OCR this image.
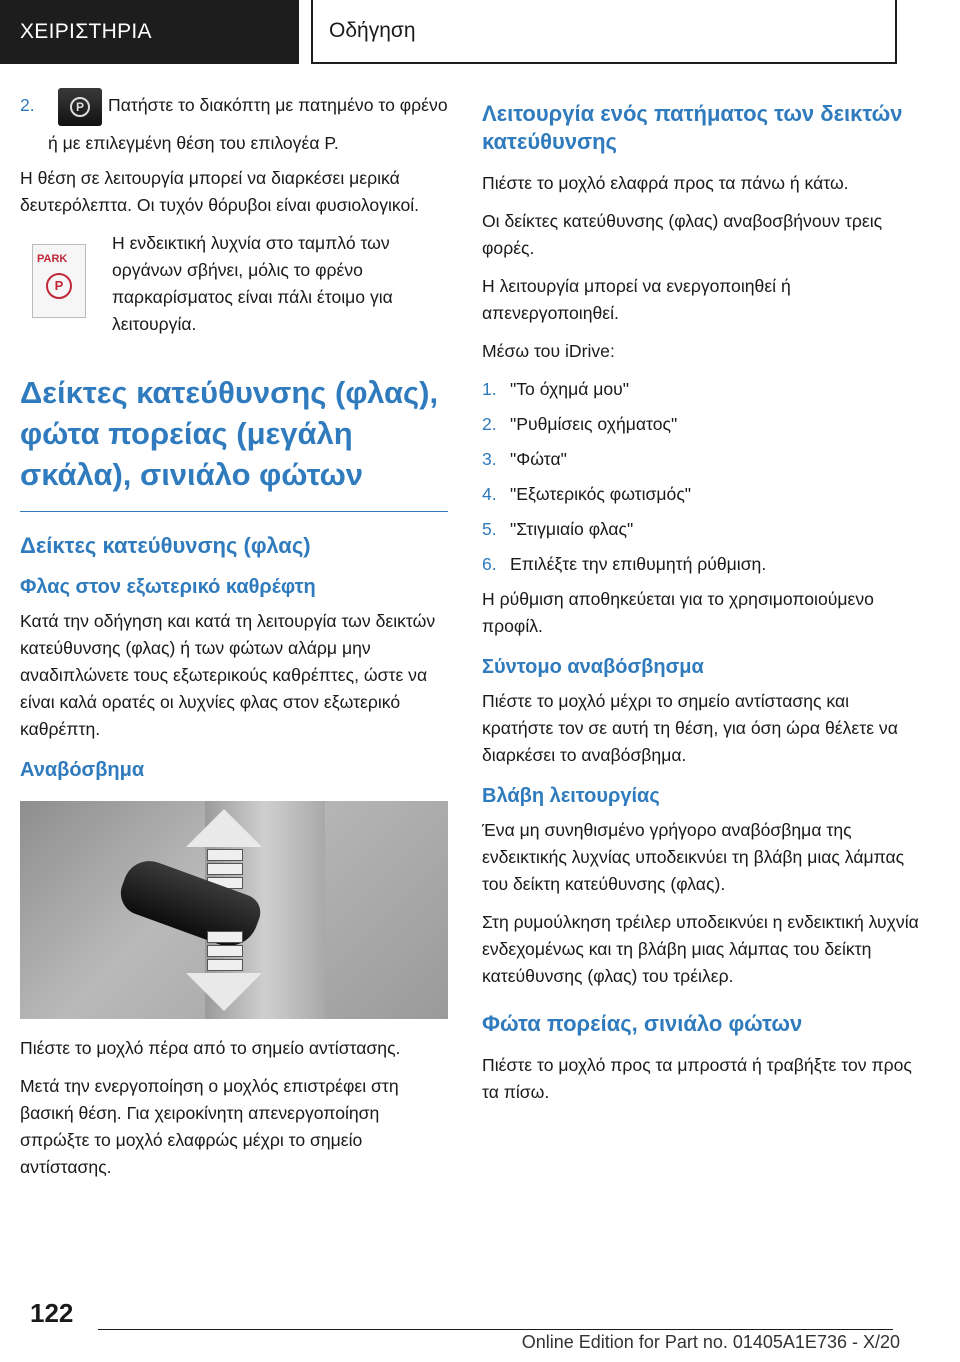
ΧΕΙΡΙΣΤΗΡΙΑ	Οδήγηση
2.	P	Πατήστε το διακόπτη με πατημένο το φρένο ή με επιλεγμένη θέση του επιλογέα P.

Η θέση σε λειτουργία μπορεί να διαρκέσει μερικά δευτερόλεπτα. Οι τυχόν θόρυβοι είναι φυσιολογικοί.

PARK
P

Η ενδεικτική λυχνία στο ταμπλό των οργάνων σβήνει, μόλις το φρένο παρκαρίσματος είναι πάλι έτοιμο για λειτουργία.

Δείκτες κατεύθυνσης (φλας), φώτα πορείας (μεγάλη σκάλα), σινιάλο φώτων
Δείκτες κατεύθυνσης (φλας)
Φλας στον εξωτερικό καθρέφτη

Κατά την οδήγηση και κατά τη λειτουργία των δεικτών κατεύθυνσης (φλας) ή των φώτων αλάρμ μην αναδιπλώνετε τους εξωτερικούς καθρέπτες, ώστε να είναι καλά ορατές οι λυχνίες φλας στον εξωτερικό καθρέπτη.

Αναβόσβημα

Πιέστε το μοχλό πέρα από το σημείο αντίστασης.

Μετά την ενεργοποίηση ο μοχλός επιστρέφει στη βασική θέση. Για χειροκίνητη απενεργοποίηση σπρώξτε το μοχλό ελαφρώς μέχρι το σημείο αντίστασης.

Λειτουργία ενός πατήματος των δεικτών κατεύθυνσης

Πιέστε το μοχλό ελαφρά προς τα πάνω ή κάτω.

Οι δείκτες κατεύθυνσης (φλας) αναβοσβήνουν τρεις φορές.

Η λειτουργία μπορεί να ενεργοποιηθεί ή απενεργοποιηθεί.

Μέσω του iDrive:

1. "Το όχημά μου"
2. "Ρυθμίσεις οχήματος"
3. "Φώτα"
4. "Εξωτερικός φωτισμός"
5. "Στιγμιαίο φλας"
6. Επιλέξτε την επιθυμητή ρύθμιση.

Η ρύθμιση αποθηκεύεται για το χρησιμοποιούμενο προφίλ.

Σύντομο αναβόσβησμα

Πιέστε το μοχλό μέχρι το σημείο αντίστασης και κρατήστε τον σε αυτή τη θέση, για όση ώρα θέλετε να διαρκέσει το αναβόσβημα.

Βλάβη λειτουργίας

Ένα μη συνηθισμένο γρήγορο αναβόσβημα της ενδεικτικής λυχνίας υποδεικνύει τη βλάβη μιας λάμπας του δείκτη κατεύθυνσης (φλας).

Στη ρυμούλκηση τρέιλερ υποδεικνύει η ενδεικτική λυχνία ενδεχομένως και τη βλάβη μιας λάμπας του δείκτη κατεύθυνσης (φλας) του τρέιλερ.

Φώτα πορείας, σινιάλο φώτων

Πιέστε το μοχλό προς τα μπροστά ή τραβήξτε τον προς τα πίσω.

122
Online Edition for Part no. 01405A1E736 - X/20
